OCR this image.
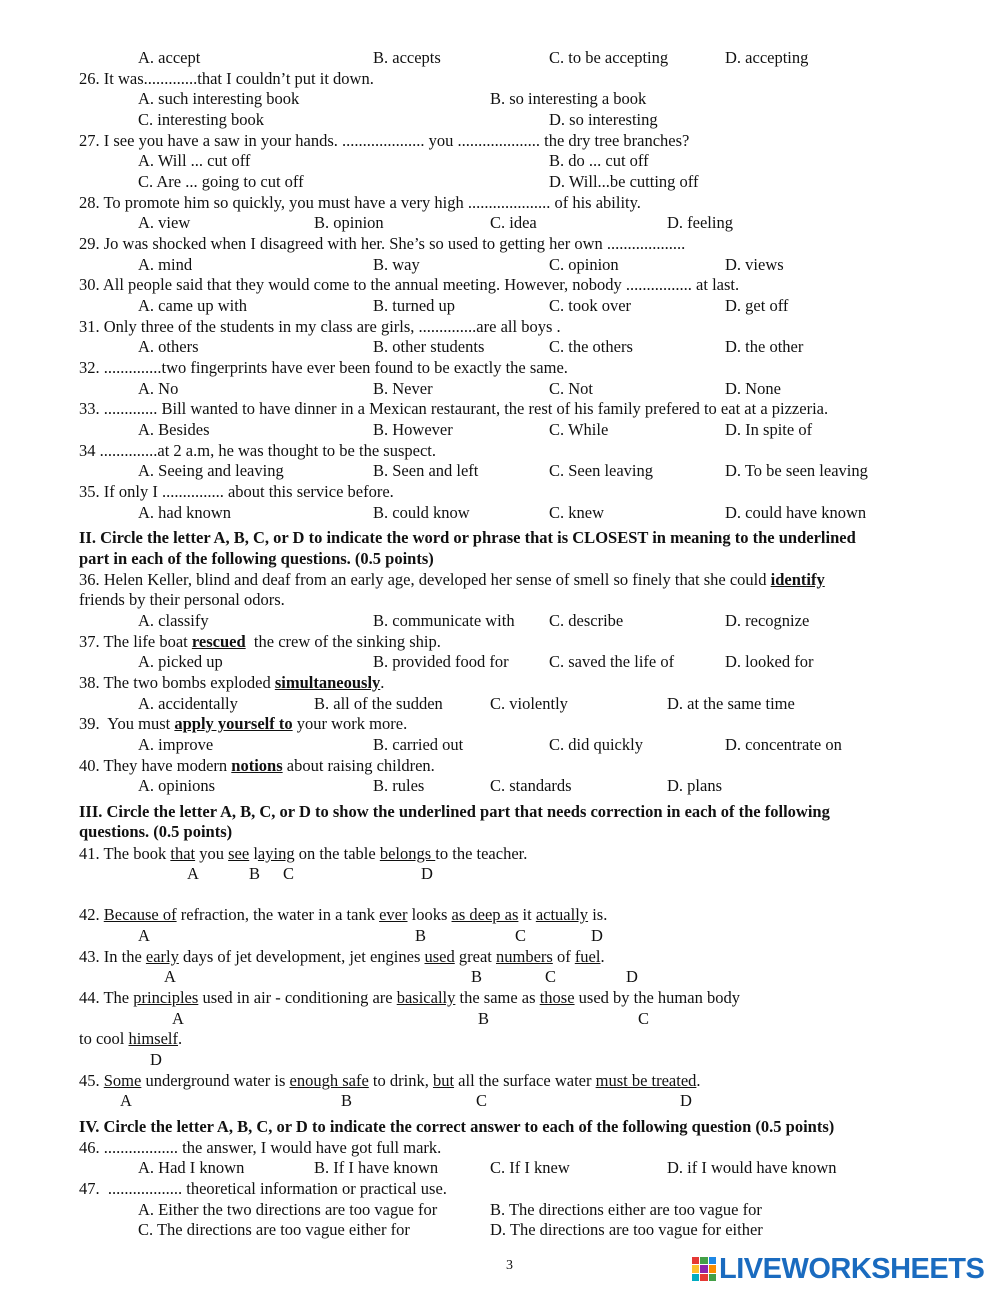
A. accept	B. accepts	C. to be accepting	D. accepting
26. It was.............that I couldn’t put it down.
A. such interesting book	B. so interesting a book
C. interesting book	D. so interesting
27. I see you have a saw in your hands. .................... you .................... the dry tree branches?
A. Will ... cut off	B. do ... cut off
C. Are ... going to cut off	D. Will...be cutting off
28. To promote him so quickly, you must have a very high .................... of his ability.
A. view	B. opinion	C. idea	D. feeling
29. Jo was shocked when I disagreed with her. She’s so used to getting her own ...................
A. mind	B. way	C. opinion	D. views
30. All people said that they would come to the annual meeting. However, nobody ................ at last.
A. came up with	B. turned up	C. took over	D. get off
31. Only three of the students in my class are girls, ..............are all boys .
A. others	B. other students	C. the others	D. the other
32. ..............two fingerprints have ever been found to be exactly the same.
A. No	B. Never	C. Not	D. None
33. ............. Bill wanted to have dinner in a Mexican restaurant, the rest of his family prefered to eat at a pizzeria.
A. Besides	B. However	C. While	D. In spite of
34 ..............at 2 a.m, he was thought to be the suspect.
A. Seeing and leaving	B. Seen and left	C. Seen leaving	D. To be seen leaving
35. If only I ............... about this service before.
A. had known	B. could know	C. knew	D. could have known
II. Circle the letter A, B, C, or D to indicate the word or phrase that is CLOSEST in meaning to the underlined
part in each of the following questions. (0.5 points)
36. Helen Keller, blind and deaf from an early age, developed her sense of smell so finely that she could identify
friends by their personal odors.
A. classify	B. communicate with C. describe	D. recognize
37. The life boat rescued  the crew of the sinking ship.
A. picked up	B. provided food for C. saved the life of	D. looked for
38. The two bombs exploded simultaneously.
A. accidentally	B. all of the sudden	C. violently	D. at the same time
39.  You must apply yourself to your work more.
A. improve	B. carried out	C. did quickly	D. concentrate on
40. They have modern notions about raising children.
A. opinions	B. rules	C. standards	D. plans
III. Circle the letter A, B, C, or D to show the underlined part that needs correction in each of the following
questions. (0.5 points)
41. The book that you see laying on the table belongs to the teacher.
A	B C	D
42. Because of refraction, the water in a tank ever looks as deep as it actually is.
A	B	C	D
43. In the early days of jet development, jet engines used great numbers of fuel.
A	B	C	D
44. The principles used in air - conditioning are basically the same as those used by the human body
A	B	C
to cool himself.
D
45. Some underground water is enough safe to drink, but all the surface water must be treated.
A	B	C	D
IV. Circle the letter A, B, C, or D to indicate the correct answer to each of the following question (0.5 points)
46. .................. the answer, I would have got full mark.
A. Had I known	B. If I have known	C. If I knew	D. if I would have known
47.  .................. theoretical information or practical use.
A. Either the two directions are too vague for	B. The directions either are too vague for
C. The directions are too vague either for	D. The directions are too vague for either
3	LIVEWORKSHEETS
